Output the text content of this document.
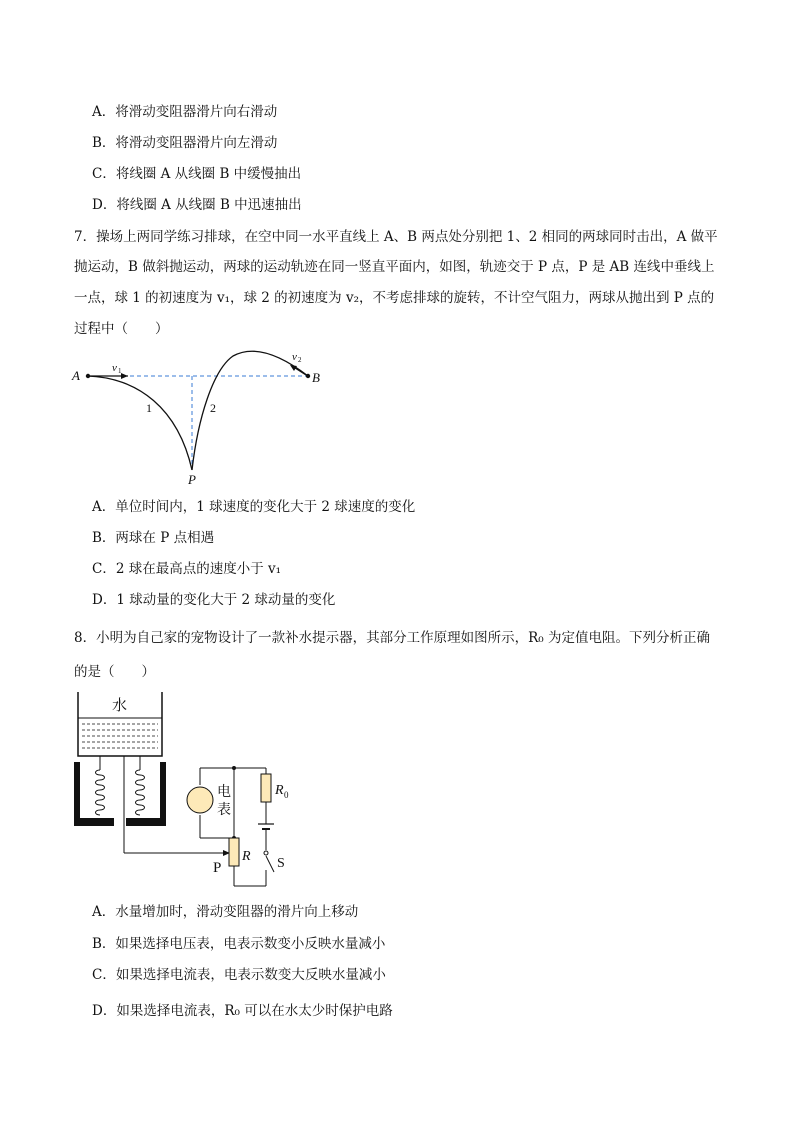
A．将滑动变阻器滑片向右滑动
B．将滑动变阻器滑片向左滑动
C．将线圈 A 从线圈 B 中缓慢抽出
D．将线圈 A 从线圈 B 中迅速抽出
7．操场上两同学练习排球，在空中同一水平直线上 A、B 两点处分别把 1、2 相同的两球同时击出，A 做平
抛运动，B 做斜抛运动，两球的运动轨迹在同一竖直平面内，如图，轨迹交于 P 点，P 是 AB 连线中垂线上
一点，球 1 的初速度为 v₁，球 2 的初速度为 v₂，不考虑排球的旋转，不计空气阻力，两球从抛出到 P 点的
过程中（　　）
A	B
P
v 1
v 2
1	2
A．单位时间内，1 球速度的变化大于 2 球速度的变化
B．两球在 P 点相遇
C．2 球在最高点的速度小于 v₁
D．1 球动量的变化大于 2 球动量的变化
8．小明为自己家的宠物设计了一款补水提示器，其部分工作原理如图所示，R₀ 为定值电阻。下列分析正确
的是（　　）
水
电
表
R
P
R 0
S
A．水量增加时，滑动变阻器的滑片向上移动
B．如果选择电压表，电表示数变小反映水量减小
C．如果选择电流表，电表示数变大反映水量减小
D．如果选择电流表，R₀ 可以在水太少时保护电路
